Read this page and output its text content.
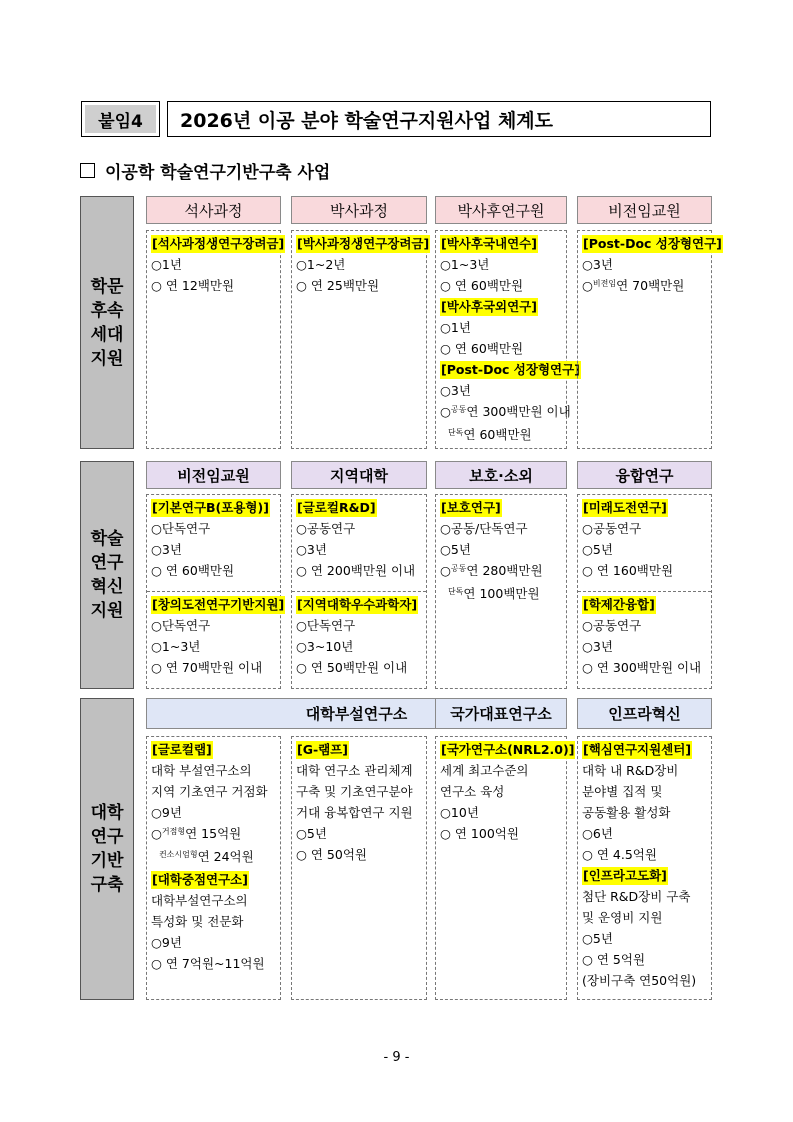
붙임4	2026년 이공 분야 학술연구지원사업 체계도
이공학 학술연구기반구축 사업
학문
후속
세대
지원
석사과정
[석사과정생연구장려금]
○1년
○ 연 12백만원
박사과정
[박사과정생연구장려금]
○1~2년
○ 연 25백만원
박사후연구원
[박사후국내연수]
○1~3년
○ 연 60백만원
[박사후국외연구]
○1년
○ 연 60백만원
[Post-Doc 성장형연구]
○3년
○$^{공동}$연 300백만원 이내
$^{단독}$연 60백만원
비전임교원
[Post-Doc 성장형연구]
○3년
○$^{비전임}$연 70백만원
학술
연구
혁신
지원
비전임교원
[기본연구B(포용형)]
○단독연구
○3년
○ 연 60백만원
[창의도전연구기반지원]
○단독연구
○1~3년
○ 연 70백만원 이내
지역대학
[글로컬R&D]
○공동연구
○3년
○ 연 200백만원 이내
[지역대학우수과학자]
○단독연구
○3~10년
○ 연 50백만원 이내
보호·소외
[보호연구]
○공동/단독연구
○5년
○$^{공동}$연 280백만원
$^{단독}$연 100백만원
융합연구
[미래도전연구]
○공동연구
○5년
○ 연 160백만원
[학제간융합]
○공동연구
○3년
○ 연 300백만원 이내
대학
연구
기반
구축
대학부설연구소	국가대표연구소	인프라혁신
[글로컬랩]
대학 부설연구소의
지역 기초연구 거점화
○9년
○$^{거점형}$연 15억원
$^{컨소시엄형}$연 24억원
[대학중점연구소]
대학부설연구소의
특성화 및 전문화
○9년
○ 연 7억원~11억원
[G-램프]
대학 연구소 관리체계
구축 및 기초연구분야
거대 융복합연구 지원
○5년
○ 연 50억원
[국가연구소(NRL2.0)]
세계 최고수준의
연구소 육성
○10년
○ 연 100억원
[핵심연구지원센터]
대학 내 R&D장비
분야별 집적 및
공동활용 활성화
○6년
○ 연 4.5억원
[인프라고도화]
첨단 R&D장비 구축
및 운영비 지원
○5년
○ 연 5억원
(장비구축 연50억원)
- 9 -
